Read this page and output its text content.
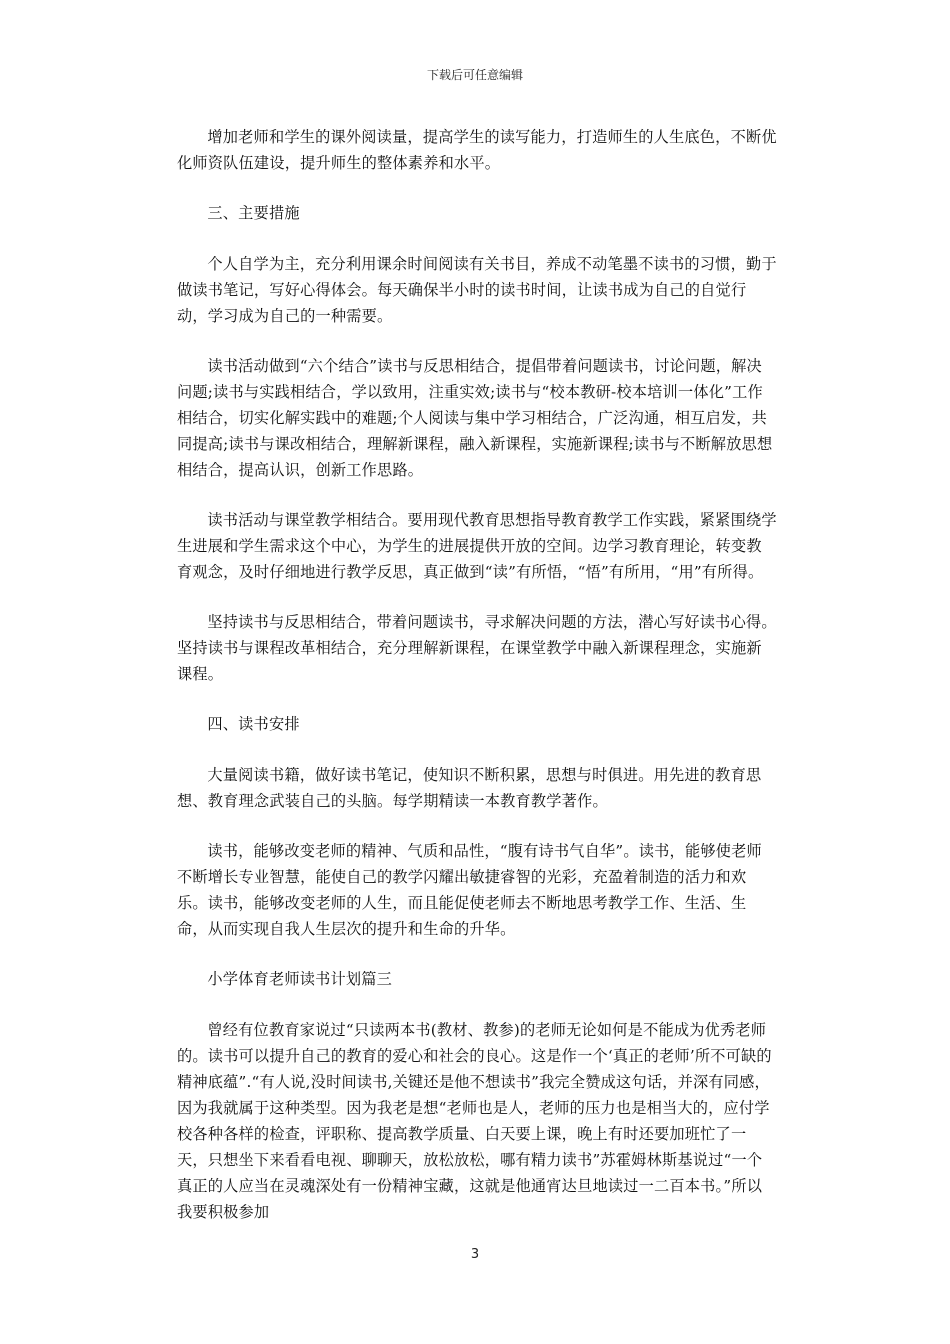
下载后可任意编辑

增加老师和学生的课外阅读量，提高学生的读写能力，打造师生的人生底色，不断优化师资队伍建设，提升师生的整体素养和水平。

三、主要措施

个人自学为主，充分利用课余时间阅读有关书目，养成不动笔墨不读书的习惯，勤于做读书笔记，写好心得体会。每天确保半小时的读书时间，让读书成为自己的自觉行动，学习成为自己的一种需要。

读书活动做到“六个结合”读书与反思相结合，提倡带着问题读书，讨论问题，解决问题;读书与实践相结合，学以致用，注重实效;读书与“校本教研-校本培训一体化”工作相结合，切实化解实践中的难题;个人阅读与集中学习相结合，广泛沟通，相互启发，共同提高;读书与课改相结合，理解新课程，融入新课程，实施新课程;读书与不断解放思想相结合，提高认识，创新工作思路。

读书活动与课堂教学相结合。要用现代教育思想指导教育教学工作实践，紧紧围绕学生进展和学生需求这个中心，为学生的进展提供开放的空间。边学习教育理论，转变教育观念，及时仔细地进行教学反思，真正做到“读”有所悟，“悟”有所用，“用”有所得。

坚持读书与反思相结合，带着问题读书，寻求解决问题的方法，潜心写好读书心得。坚持读书与课程改革相结合，充分理解新课程，在课堂教学中融入新课程理念，实施新课程。

四、读书安排

大量阅读书籍，做好读书笔记，使知识不断积累，思想与时俱进。用先进的教育思想、教育理念武装自己的头脑。每学期精读一本教育教学著作。

读书，能够改变老师的精神、气质和品性，“腹有诗书气自华”。读书，能够使老师不断增长专业智慧，能使自己的教学闪耀出敏捷睿智的光彩，充盈着制造的活力和欢乐。读书，能够改变老师的人生，而且能促使老师去不断地思考教学工作、生活、生命，从而实现自我人生层次的提升和生命的升华。

小学体育老师读书计划篇三

曾经有位教育家说过“只读两本书(教材、教参)的老师无论如何是不能成为优秀老师的。读书可以提升自己的教育的爱心和社会的良心。这是作一个‘真正的老师’所不可缺的精神底蕴”.“有人说,没时间读书,关键还是他不想读书”我完全赞成这句话，并深有同感，因为我就属于这种类型。因为我老是想“老师也是人，老师的压力也是相当大的，应付学校各种各样的检查，评职称、提高教学质量、白天要上课，晚上有时还要加班忙了一天，只想坐下来看看电视、聊聊天，放松放松，哪有精力读书”苏霍姆林斯基说过“一个真正的人应当在灵魂深处有一份精神宝藏，这就是他通宵达旦地读过一二百本书。”所以我要积极参加

3
